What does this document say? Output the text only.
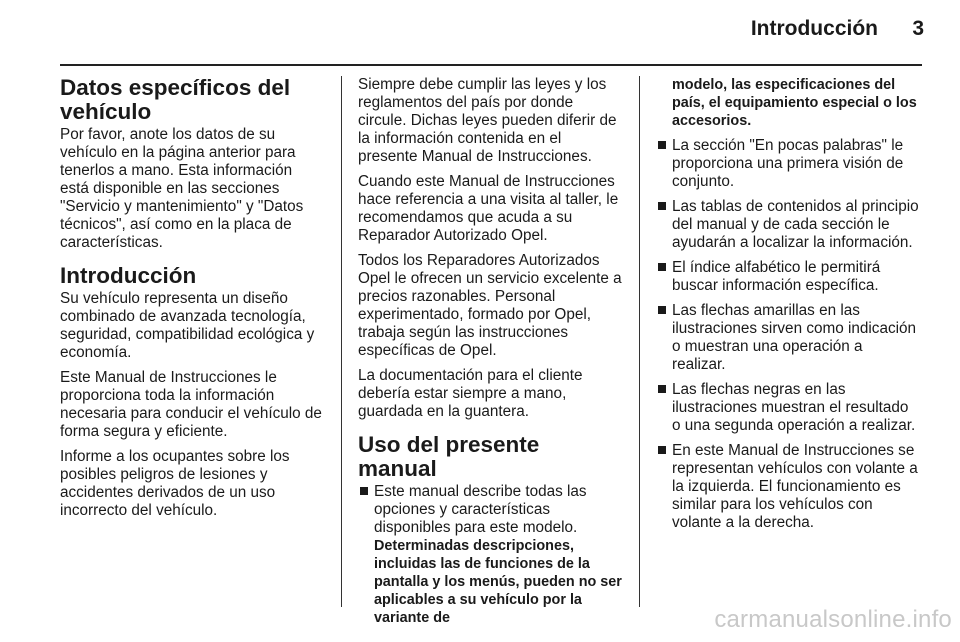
Introducción 3
Datos específicos del vehículo

Por favor, anote los datos de su vehículo en la página anterior para tenerlos a mano. Esta información está disponible en las secciones "Servicio y mantenimiento" y "Datos técnicos", así como en la placa de características.

Introducción

Su vehículo representa un diseño combinado de avanzada tecnología, seguridad, compatibilidad ecológica y economía.

Este Manual de Instrucciones le proporciona toda la información necesaria para conducir el vehículo de forma segura y eficiente.

Informe a los ocupantes sobre los posibles peligros de lesiones y accidentes derivados de un uso incorrecto del vehículo.

Siempre debe cumplir las leyes y los reglamentos del país por donde circule. Dichas leyes pueden diferir de la información contenida en el presente Manual de Instrucciones.

Cuando este Manual de Instrucciones hace referencia a una visita al taller, le recomendamos que acuda a su Reparador Autorizado Opel.

Todos los Reparadores Autorizados Opel le ofrecen un servicio excelente a precios razonables. Personal experimentado, formado por Opel, trabaja según las instrucciones específicas de Opel.

La documentación para el cliente debería estar siempre a mano, guardada en la guantera.

Uso del presente manual
Este manual describe todas las opciones y características disponibles para este modelo. Determinadas descripciones, incluidas las de funciones de la pantalla y los menús, pueden no ser aplicables a su vehículo por la variante de
modelo, las especificaciones del país, el equipamiento especial o los accesorios.
La sección "En pocas palabras" le proporciona una primera visión de conjunto.
Las tablas de contenidos al principio del manual y de cada sección le ayudarán a localizar la información.
El índice alfabético le permitirá buscar información específica.
Las flechas amarillas en las ilustraciones sirven como indicación o muestran una operación a realizar.
Las flechas negras en las ilustraciones muestran el resultado o una segunda operación a realizar.
En este Manual de Instrucciones se representan vehículos con volante a la izquierda. El funcionamiento es similar para los vehículos con volante a la derecha.
carmanualsonline.info
